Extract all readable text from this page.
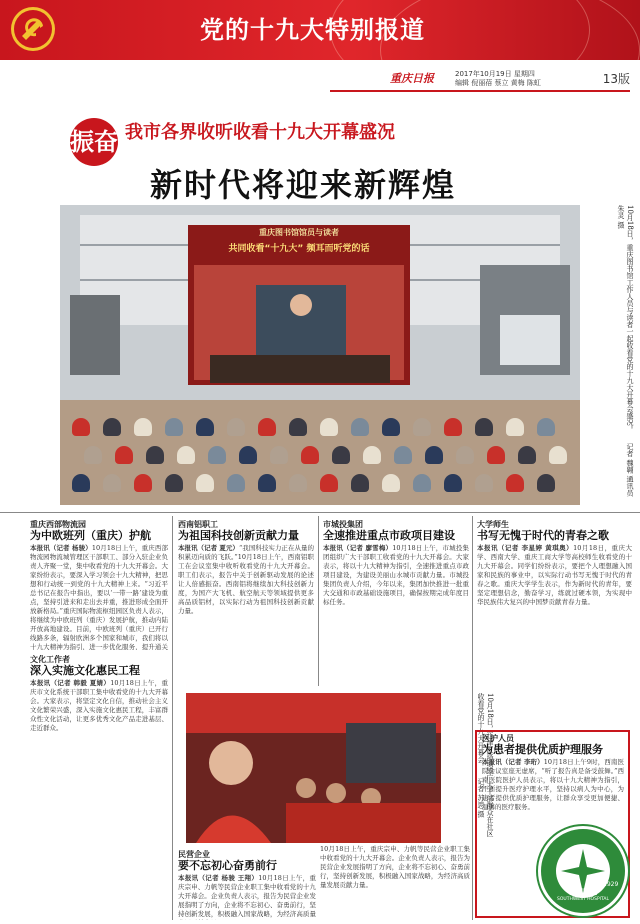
党的十九大特别报道
重庆日报	2017年10月19日 星期四
编辑 倪丽蓓 蔡立 黄梅 陈虹	13版
振奋 我市各界收听收看十九大开幕盛况
新时代将迎来新辉煌
重庆图书馆馆员与读者
共同收看“十九大” 频耳而听党的话	10月18日，重庆图书馆工作人员与读者一起收看党的十九大开幕会盛况。 记者 魏翱 通讯员 朱灵 摄
重庆西部物流园
为中欧班列（重庆）护航
本报讯（记者 杨骏）10月18日上午，重庆西部物流园物流城管理区干部职工、部分入驻企业负责人齐聚一堂，集中收看党的十九大开幕会。大家纷纷表示，要深入学习领会十九大精神，把思想和行动统一到党的十九大精神上来。“习近平总书记在报告中指出，要以‘一带一路’建设为重点，坚持引进来和走出去并重，推进形成全面开放新格局。”重庆国际物流枢纽园区负责人表示，将继续为中欧班列（重庆）发展护航，推动内陆开放高地建设。目前，中欧班列（重庆）已开行线路多条，辐射欧洲多个国家和城市，我们将以十九大精神为指引，进一步优化服务，提升通关
西南铝职工
为祖国科技创新贡献力量
本报讯（记者 夏元）“我国科技实力正在从量的积累迈向质的飞跃。”10月18日上午，西南铝职工在会议室集中收听收看党的十九大开幕会。职工们表示，报告中关于创新驱动发展的论述让人倍感振奋。西南铝将继续加大科技创新力度，为国产大飞机、航空航天等领域提供更多高品质铝材，以实际行动为祖国科技创新贡献力量。
市城投集团
全速推进重点市政项目建设
本报讯（记者 廖雪梅）10月18日上午，市城投集团组织广大干部职工收看党的十九大开幕会。大家表示，将以十九大精神为指引，全速推进重点市政项目建设，为建设美丽山水城市贡献力量。市城投集团负责人介绍，今年以来，集团加快推进一批重大交通和市政基础设施项目，确保按期完成年度目标任务。
大学师生
书写无愧于时代的青春之歌
本报讯（记者 李星婷 黄琪奥）10月18日，重庆大学、西南大学、重庆工商大学等高校师生收看党的十九大开幕会。同学们纷纷表示，要把个人理想融入国家和民族的事业中，以实际行动书写无愧于时代的青春之歌。重庆大学学生表示，作为新时代的青年，要坚定理想信念，勤奋学习，练就过硬本领，为实现中华民族伟大复兴的中国梦贡献青春力量。
文化工作者
深入实施文化惠民工程
本报讯（记者 韩毅 夏婧）10月18日上午，重庆市文化系统干部职工集中收看党的十九大开幕会。大家表示，将坚定文化自信，推动社会主义文化繁荣兴盛，深入实施文化惠民工程，丰富群众性文化活动，让更多优秀文化产品走进基层、走近群众。	10月18日，江津区珞璜镇广大干部群众在社区收看党的十九大开幕会。 记者 苏思 摄
民营企业
要不忘初心奋勇前行
本报讯（记者 杨骏 王翔）10月18日上午，重庆宗申、力帆等民营企业职工集中收看党的十九大开幕会。企业负责人表示，报告为民营企业发展指明了方向，企业将不忘初心、奋勇前行，坚持创新发展，积极融入国家战略，为经济高质量
10月18日上午，重庆宗申、力帆等民营企业职工集中收看党的十九大开幕会。企业负责人表示，报告为民营企业发展指明了方向，企业将不忘初心、奋勇前行，坚持创新发展，积极融入国家战略，为经济高质量发展贡献力量。
医护人员
为患者提供优质护理服务
本报讯（记者 李珩）10月18日上午9时，西南医院会议室座无虚席，“听了报告真是备受鼓舞。”西南医院医护人员表示，将以十九大精神为指引，不断提升医疗护理水平，坚持以病人为中心，为患者提供优质护理服务，让群众享受更加便捷、温馨的医疗服务。
西南医院
SOUTHWEST HOSPITAL
1929
